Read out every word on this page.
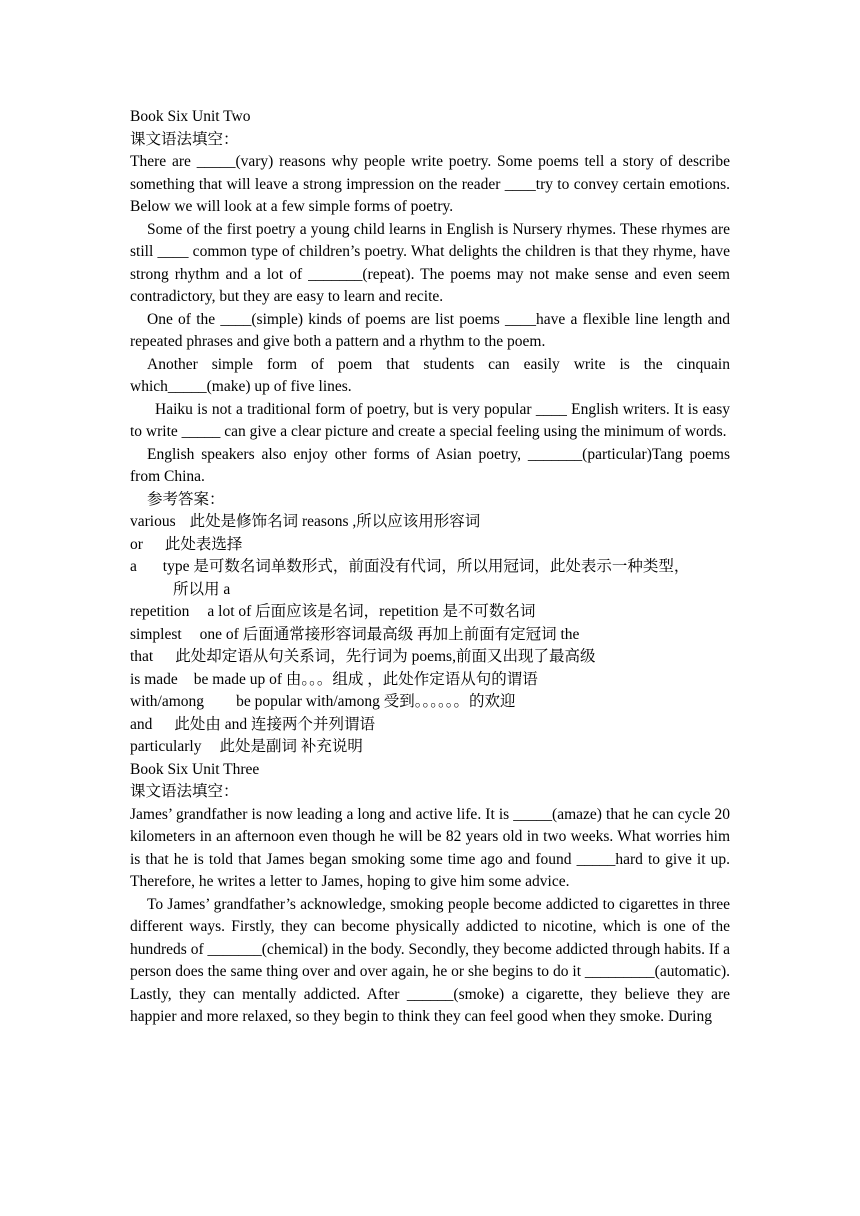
Book Six Unit Two

课文语法填空：

There are _____(vary) reasons why people write poetry. Some poems tell a story of describe something that will leave a strong impression on the reader ____try to convey certain emotions. Below we will look at a few simple forms of poetry.

Some of the first poetry a young child learns in English is Nursery rhymes. These rhymes are still ____ common type of children’s poetry. What delights the children is that they rhyme, have strong rhythm and a lot of _______(repeat). The poems may not make sense and even seem contradictory, but they are easy to learn and recite.

One of the ____(simple) kinds of poems are list poems ____have a flexible line length and repeated phrases and give both a pattern and a rhythm to the poem.

Another simple form of poem that students can easily write is the cinquain which_____(make) up of five lines.

Haiku is not a traditional form of poetry, but is very popular ____ English writers. It is easy to write _____ can give a clear picture and create a special feeling using the minimum of words.

English speakers also enjoy other forms of Asian poetry, _______(particular)Tang poems from China.

参考答案：

various 此处是修饰名词 reasons ,所以应该用形容词
or 此处表选择
a type 是可数名词单数形式，前面没有代词，所以用冠词，此处表示一种类型，
所以用 a
repetition a lot of 后面应该是名词，repetition 是不可数名词
simplest one of 后面通常接形容词最高级 再加上前面有定冠词 the
that 此处却定语从句关系词，先行词为 poems,前面又出现了最高级
is made be made up of 由。。。组成 ，此处作定语从句的谓语
with/among be popular with/among 受到。。。。。。的欢迎
and 此处由 and 连接两个并列谓语
particularly 此处是副词 补充说明

Book Six Unit Three

课文语法填空：

James’ grandfather is now leading a long and active life. It is _____(amaze) that he can cycle 20 kilometers in an afternoon even though he will be 82 years old in two weeks. What worries him is that he is told that James began smoking some time ago and found _____hard to give it up. Therefore, he writes a letter to James, hoping to give him some advice.

To James’ grandfather’s acknowledge, smoking people become addicted to cigarettes in three different ways. Firstly, they can become physically addicted to nicotine, which is one of the hundreds of _______(chemical) in the body. Secondly, they become addicted through habits. If a person does the same thing over and over again, he or she begins to do it _________(automatic). Lastly, they can mentally addicted. After ______(smoke) a cigarette, they believe they are happier and more relaxed, so they begin to think they can feel good when they smoke. During
